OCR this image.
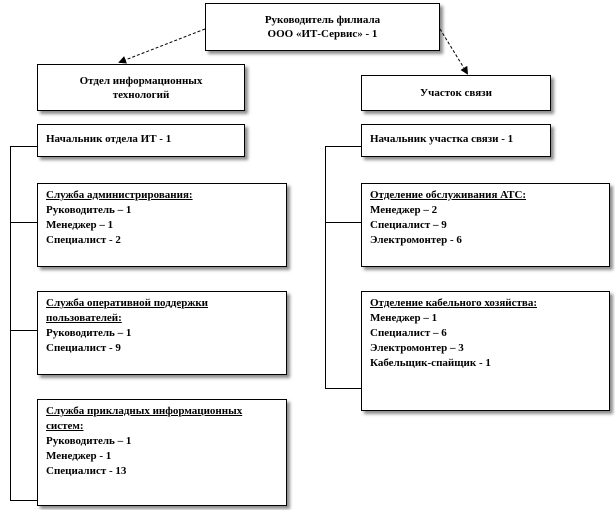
Руководитель филиала
ООО «ИТ-Сервис» - 1
Отдел информационных технологий
Начальник отдела ИТ - 1
Служба администрирования:
Руководитель – 1
Менеджер – 1
Специалист - 2
Служба оперативной поддержки пользователей:
Руководитель – 1
Специалист - 9
Служба прикладных информационных систем:
Руководитель – 1
Менеджер - 1
Специалист - 13
Участок связи
Начальник участка связи - 1
Отделение обслуживания АТС:
Менеджер – 2
Специалист – 9
Электромонтер - 6
Отделение кабельного хозяйства:
Менеджер – 1
Специалист – 6
Электромонтер – 3
Кабельщик-спайщик - 1
